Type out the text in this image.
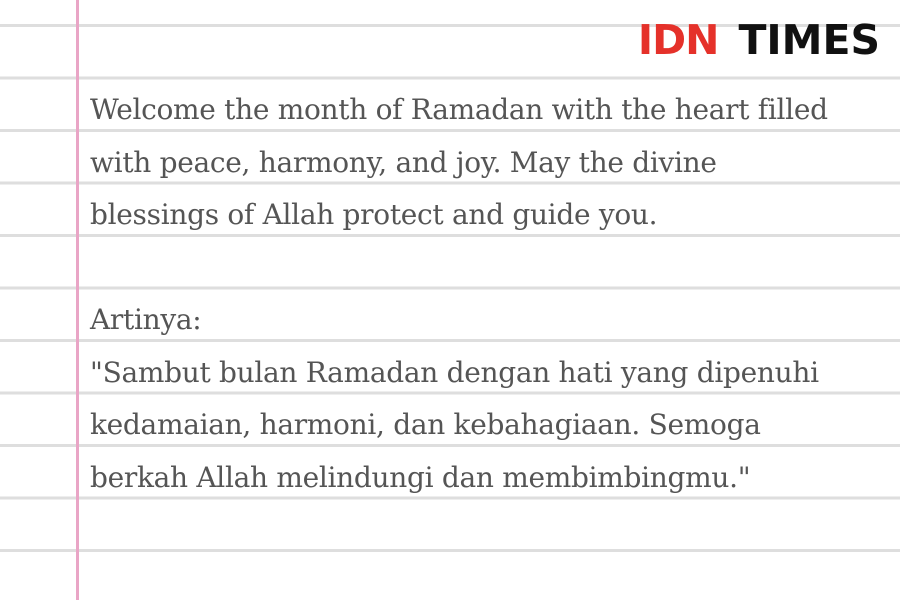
IDN TIMES
Welcome the month of Ramadan with the heart filled
with peace, harmony, and joy. May the divine
blessings of Allah protect and guide you.
Artinya:
"Sambut bulan Ramadan dengan hati yang dipenuhi
kedamaian, harmoni, dan kebahagiaan. Semoga
berkah Allah melindungi dan membimbingmu."
